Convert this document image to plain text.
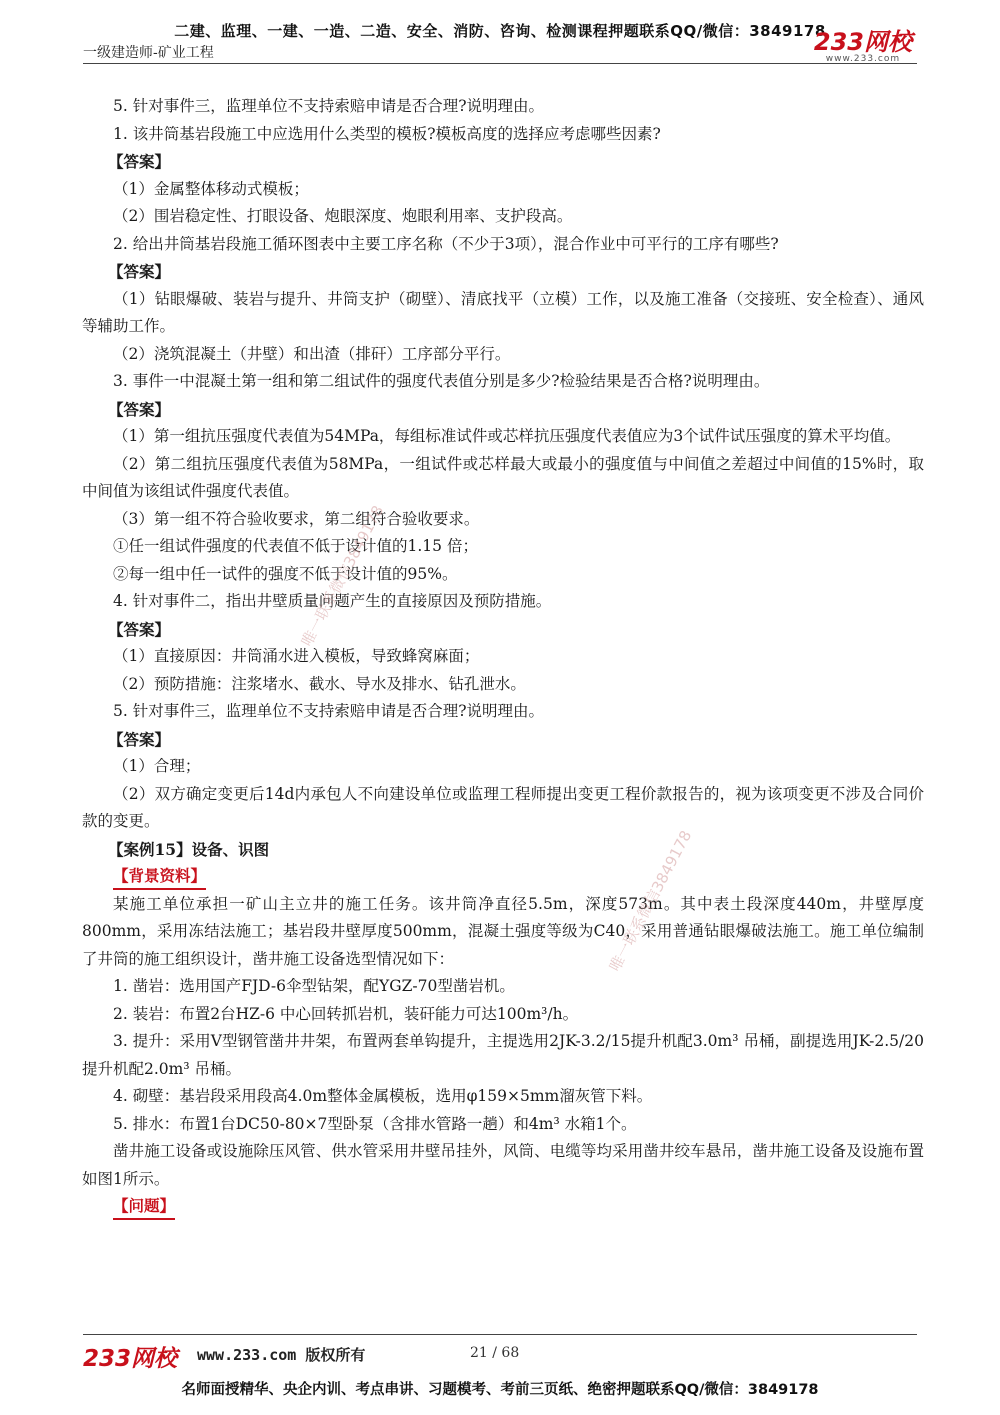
二建、监理、一建、一造、二造、安全、消防、咨询、检测课程押题联系QQ/微信：3849178
一级建造师-矿业工程	233网校
www.233.com

5. 针对事件三，监理单位不支持索赔申请是否合理?说明理由。

1. 该井筒基岩段施工中应选用什么类型的模板?模板高度的选择应考虑哪些因素?

【答案】

（1）金属整体移动式模板；

（2）围岩稳定性、打眼设备、炮眼深度、炮眼利用率、支护段高。

2. 给出井筒基岩段施工循环图表中主要工序名称（不少于3项），混合作业中可平行的工序有哪些?

【答案】

（1）钻眼爆破、装岩与提升、井筒支护（砌壁）、清底找平（立模）工作，以及施工准备（交接班、安全检查）、通风等辅助工作。

（2）浇筑混凝土（井壁）和出渣（排矸）工序部分平行。

3. 事件一中混凝土第一组和第二组试件的强度代表值分别是多少?检验结果是否合格?说明理由。

【答案】

（1）第一组抗压强度代表值为54MPa，每组标准试件或芯样抗压强度代表值应为3个试件试压强度的算术平均值。

（2）第二组抗压强度代表值为58MPa，一组试件或芯样最大或最小的强度值与中间值之差超过中间值的15%时，取中间值为该组试件强度代表值。

（3）第一组不符合验收要求，第二组符合验收要求。

①任一组试件强度的代表值不低于设计值的1.15 倍；

②每一组中任一试件的强度不低于设计值的95%。

4. 针对事件二，指出井壁质量问题产生的直接原因及预防措施。

【答案】

（1）直接原因：井筒涌水进入模板，导致蜂窝麻面；

（2）预防措施：注浆堵水、截水、导水及排水、钻孔泄水。

5. 针对事件三，监理单位不支持索赔申请是否合理?说明理由。

【答案】

（1）合理；

（2）双方确定变更后14d内承包人不向建设单位或监理工程师提出变更工程价款报告的，视为该项变更不涉及合同价款的变更。

【案例15】设备、识图

【背景资料】

某施工单位承担一矿山主立井的施工任务。该井筒净直径5.5m，深度573m。其中表土段深度440m，井壁厚度800mm，采用冻结法施工；基岩段井壁厚度500mm，混凝土强度等级为C40，采用普通钻眼爆破法施工。施工单位编制了井筒的施工组织设计，凿井施工设备选型情况如下：

1. 凿岩：选用国产FJD-6伞型钻架，配YGZ-70型凿岩机。

2. 装岩：布置2台HZ-6 中心回转抓岩机，装矸能力可达100m³/h。

3. 提升：采用V型钢管凿井井架，布置两套单钩提升，主提选用2JK-3.2/15提升机配3.0m³ 吊桶，副提选用JK-2.5/20提升机配2.0m³ 吊桶。

4. 砌壁：基岩段采用段高4.0m整体金属模板，选用φ159×5mm溜灰管下料。

5. 排水：布置1台DC50-80×7型卧泵（含排水管路一趟）和4m³ 水箱1个。

凿井施工设备或设施除压风管、供水管采用井壁吊挂外，风筒、电缆等均采用凿井绞车悬吊，凿井施工设备及设施布置如图1所示。

【问题】

唯一联系微信3849178
唯一联系微信3849178
233网校 www.233.com 版权所有	21 / 68
名师面授精华、央企内训、考点串讲、习题模考、考前三页纸、绝密押题联系QQ/微信：3849178
